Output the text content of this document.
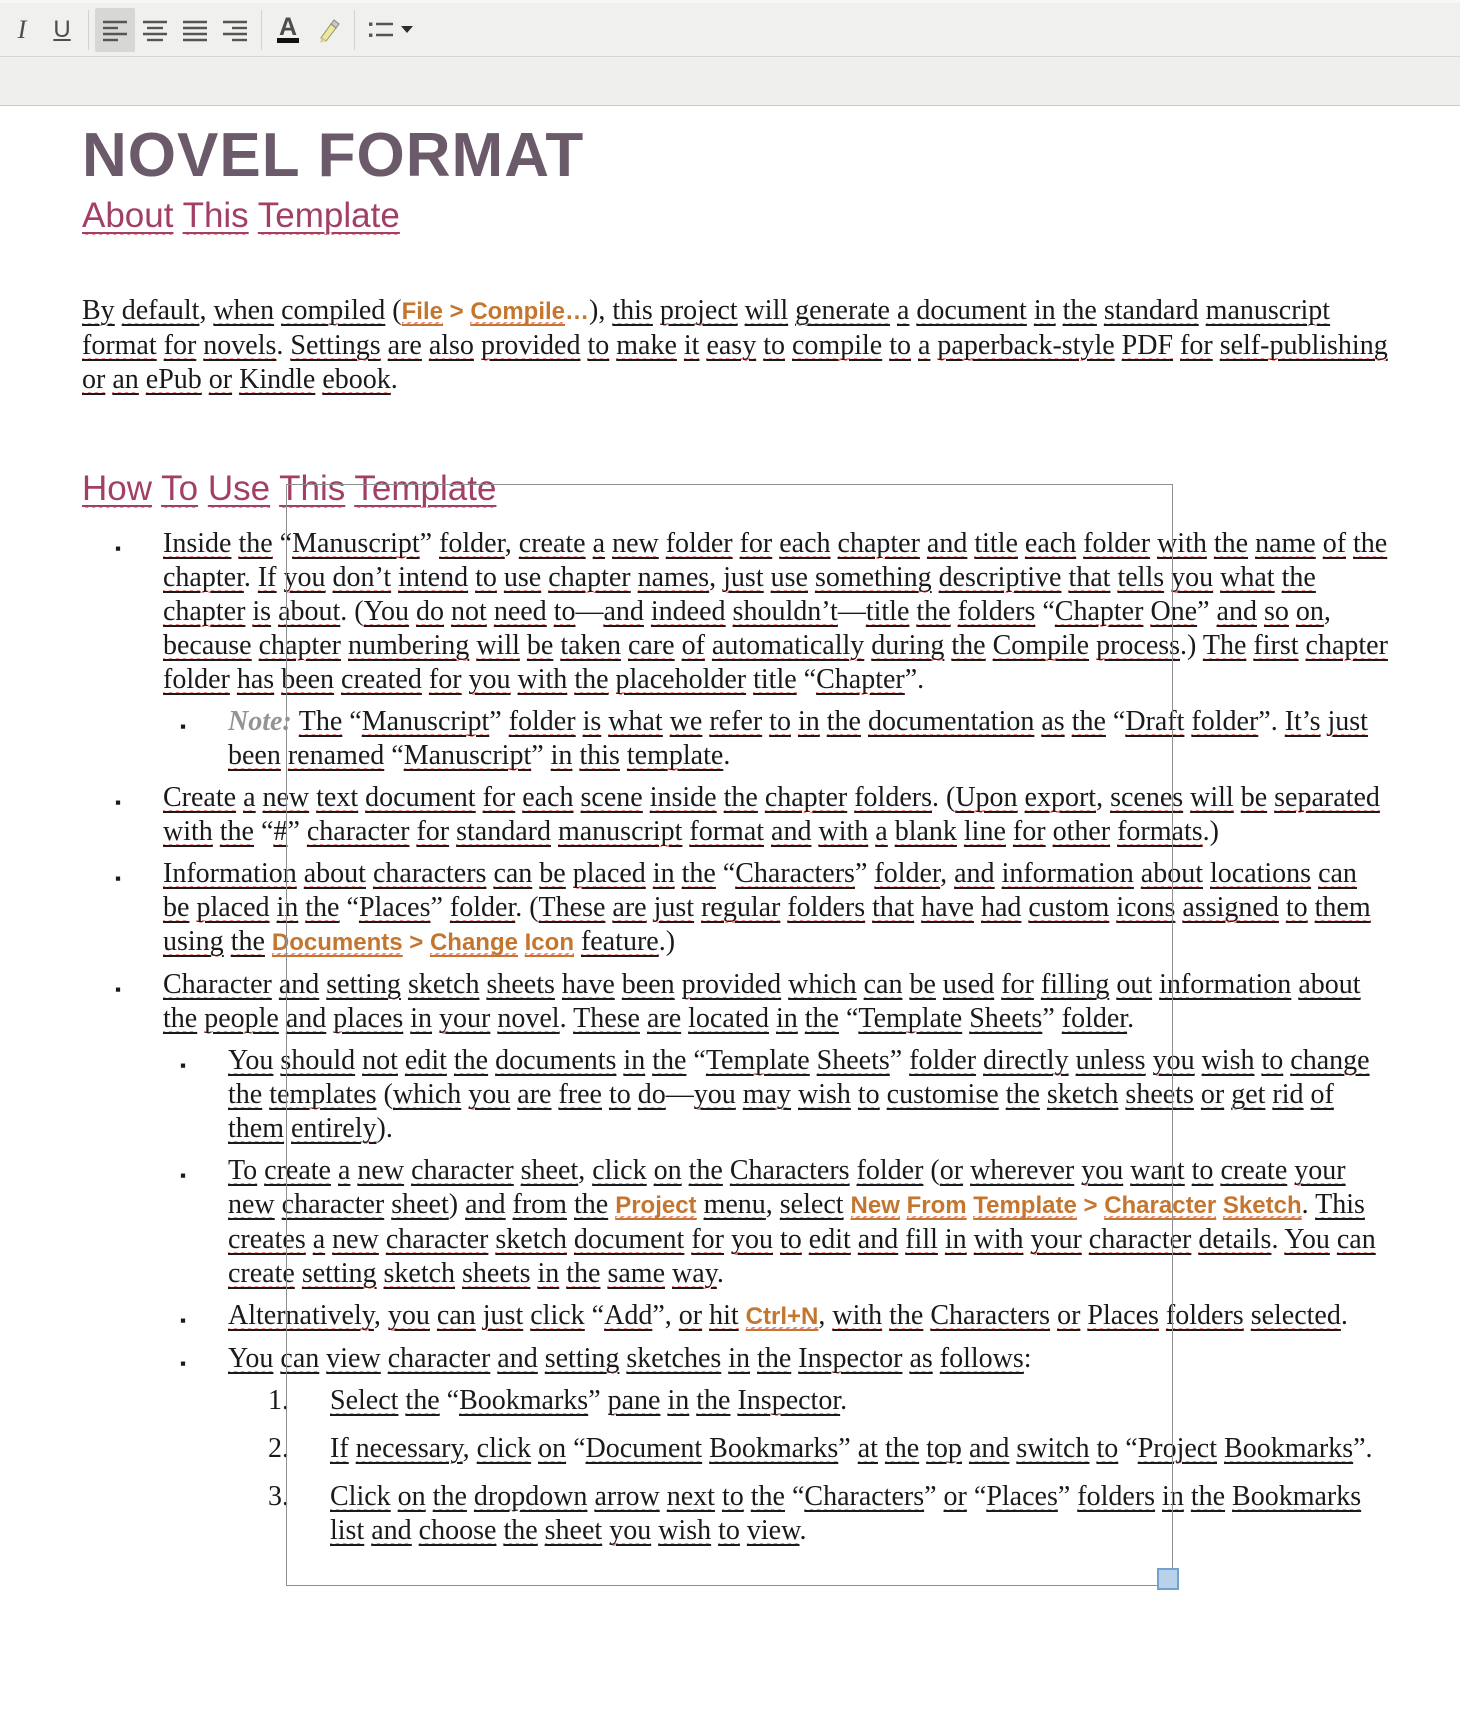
I U	A
NOVEL FORMAT
About This Template
By default, when compiled (File > Compile…), this project will generate a document in the standard manuscript format for novels. Settings are also provided to make it easy to compile to a paperback-style PDF for self-publishing or an ePub or Kindle ebook.
How To Use This Template
▪ Inside the “Manuscript” folder, create a new folder for each chapter and title each folder with the name of the chapter. If you don’t intend to use chapter names, just use something descriptive that tells you what the chapter is about. (You do not need to—and indeed shouldn’t—title the folders “Chapter One” and so on, because chapter numbering will be taken care of automatically during the Compile process.) The first chapter folder has been created for you with the placeholder title “Chapter”.
▪ Note: The “Manuscript” folder is what we refer to in the documentation as the “Draft folder”. It’s just been renamed “Manuscript” in this template.
▪ Create a new text document for each scene inside the chapter folders. (Upon export, scenes will be separated with the “#” character for standard manuscript format and with a blank line for other formats.)
▪ Information about characters can be placed in the “Characters” folder, and information about locations can be placed in the “Places” folder. (These are just regular folders that have had custom icons assigned to them using the Documents > Change Icon feature.)
▪ Character and setting sketch sheets have been provided which can be used for filling out information about the people and places in your novel. These are located in the “Template Sheets” folder.
▪ You should not edit the documents in the “Template Sheets” folder directly unless you wish to change the templates (which you are free to do—you may wish to customise the sketch sheets or get rid of them entirely).
▪ To create a new character sheet, click on the Characters folder (or wherever you want to create your new character sheet) and from the Project menu, select New From Template > Character Sketch. This creates a new character sketch document for you to edit and fill in with your character details. You can create setting sketch sheets in the same way.
▪ Alternatively, you can just click “Add”, or hit Ctrl+N, with the Characters or Places folders selected.
▪ You can view character and setting sketches in the Inspector as follows:
1. Select the “Bookmarks” pane in the Inspector.
2. If necessary, click on “Document Bookmarks” at the top and switch to “Project Bookmarks”.
3. Click on the dropdown arrow next to the “Characters” or “Places” folders in the Bookmarks list and choose the sheet you wish to view.
